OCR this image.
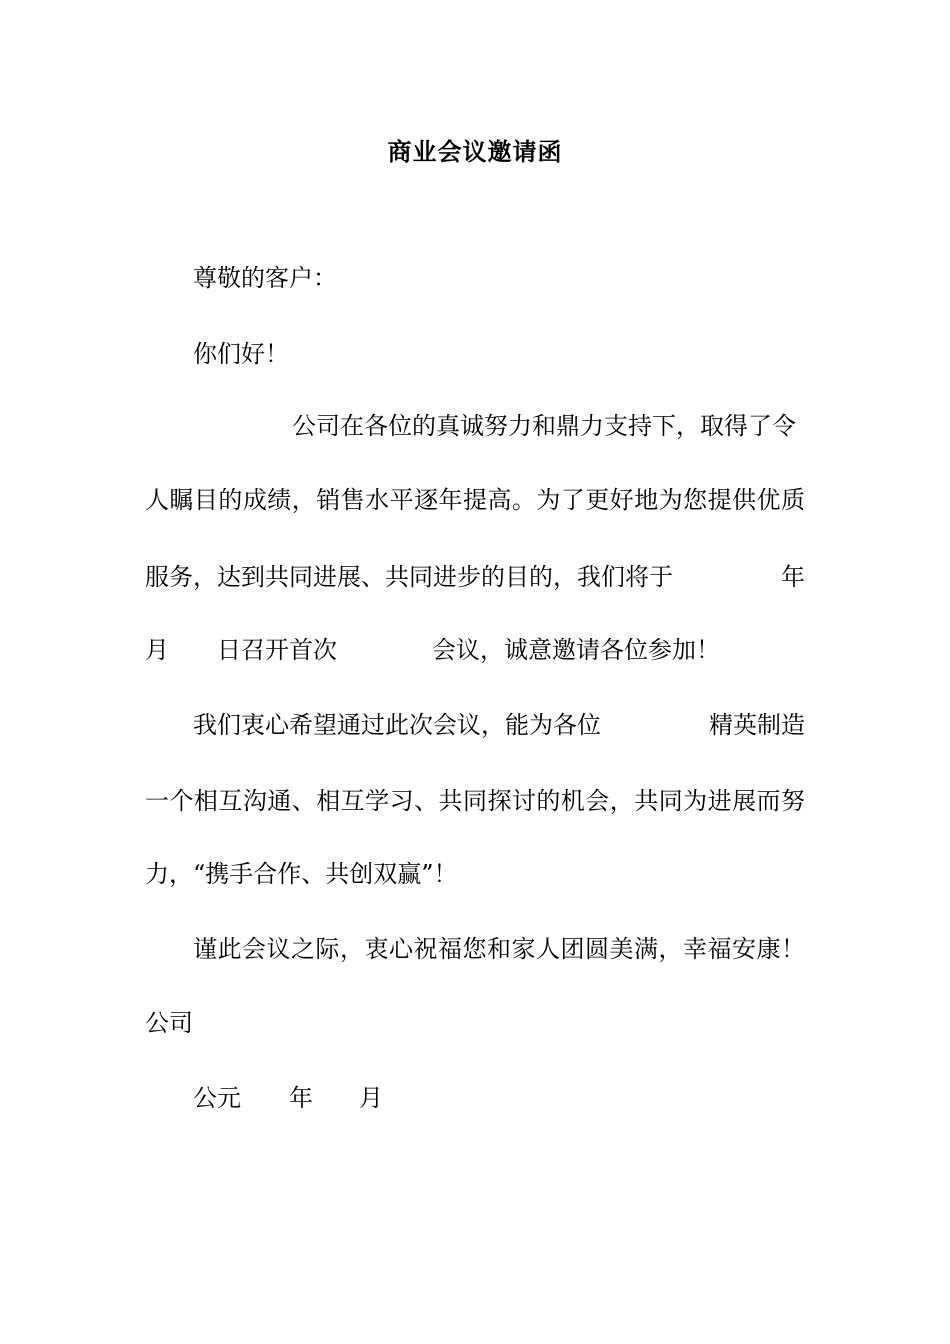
商业会议邀请函
尊敬的客户：
你们好！
公司在各位的真诚努力和鼎力支持下，取得了令
人瞩目的成绩，销售水平逐年提高。为了更好地为您提供优质
服务，达到共同进展、共同进步的目的，我们将于	年
月 日召开首次	会议，诚意邀请各位参加！
我们衷心希望通过此次会议，能为各位	精英制造
一个相互沟通、相互学习、共同探讨的机会，共同为进展而努
力，“携手合作、共创双赢”！
谨此会议之际，衷心祝福您和家人团圆美满，幸福安康！
公司
公元 年 月
